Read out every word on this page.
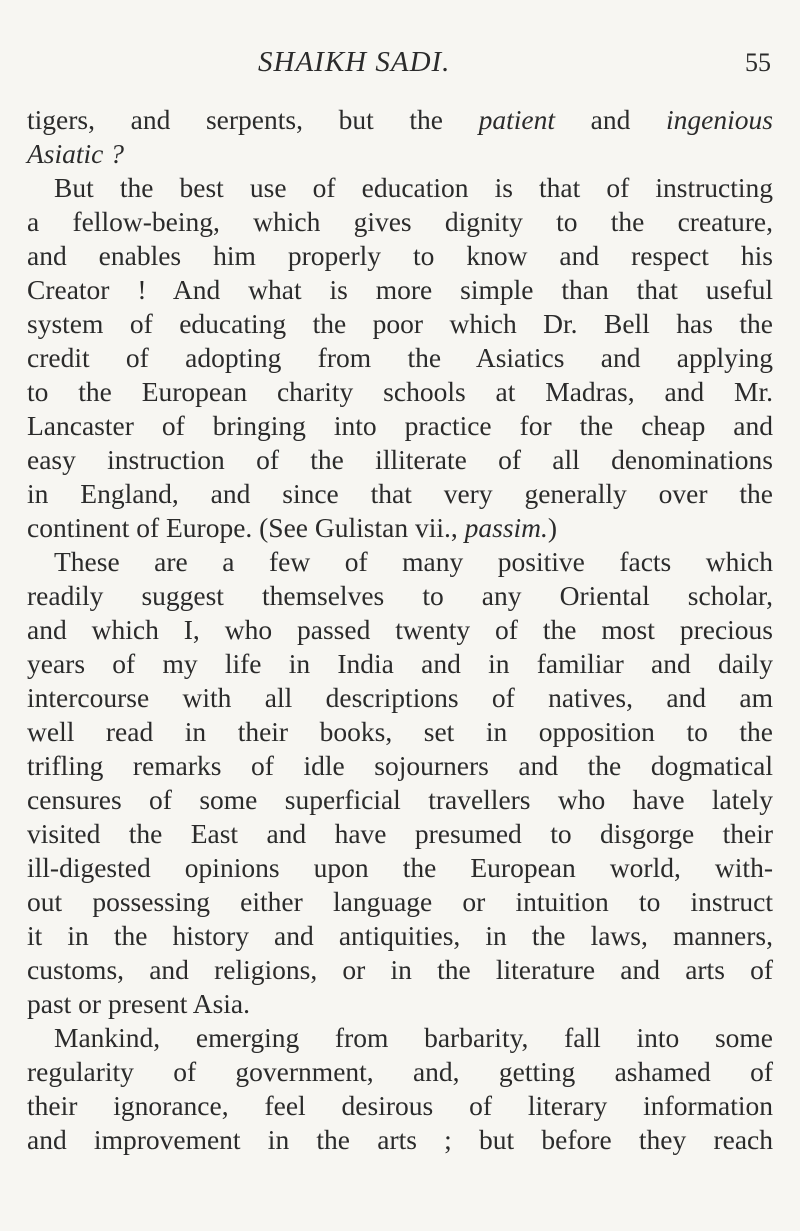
SHAIKH SADI.	55
tigers, and serpents, but the patient and ingenious
Asiatic ?
But the best use of education is that of instructing
a fellow-being, which gives dignity to the creature,
and enables him properly to know and respect his
Creator ! And what is more simple than that useful
system of educating the poor which Dr. Bell has the
credit of adopting from the Asiatics and applying
to the European charity schools at Madras, and Mr.
Lancaster of bringing into practice for the cheap and
easy instruction of the illiterate of all denominations
in England, and since that very generally over the
continent of Europe. (See Gulistan vii., passim.)
These are a few of many positive facts which
readily suggest themselves to any Oriental scholar,
and which I, who passed twenty of the most precious
years of my life in India and in familiar and daily
intercourse with all descriptions of natives, and am
well read in their books, set in opposition to the
trifling remarks of idle sojourners and the dogmatical
censures of some superficial travellers who have lately
visited the East and have presumed to disgorge their
ill-digested opinions upon the European world, with-
out possessing either language or intuition to instruct
it in the history and antiquities, in the laws, manners,
customs, and religions, or in the literature and arts of
past or present Asia.
Mankind, emerging from barbarity, fall into some
regularity of government, and, getting ashamed of
their ignorance, feel desirous of literary information
and improvement in the arts ; but before they reach
